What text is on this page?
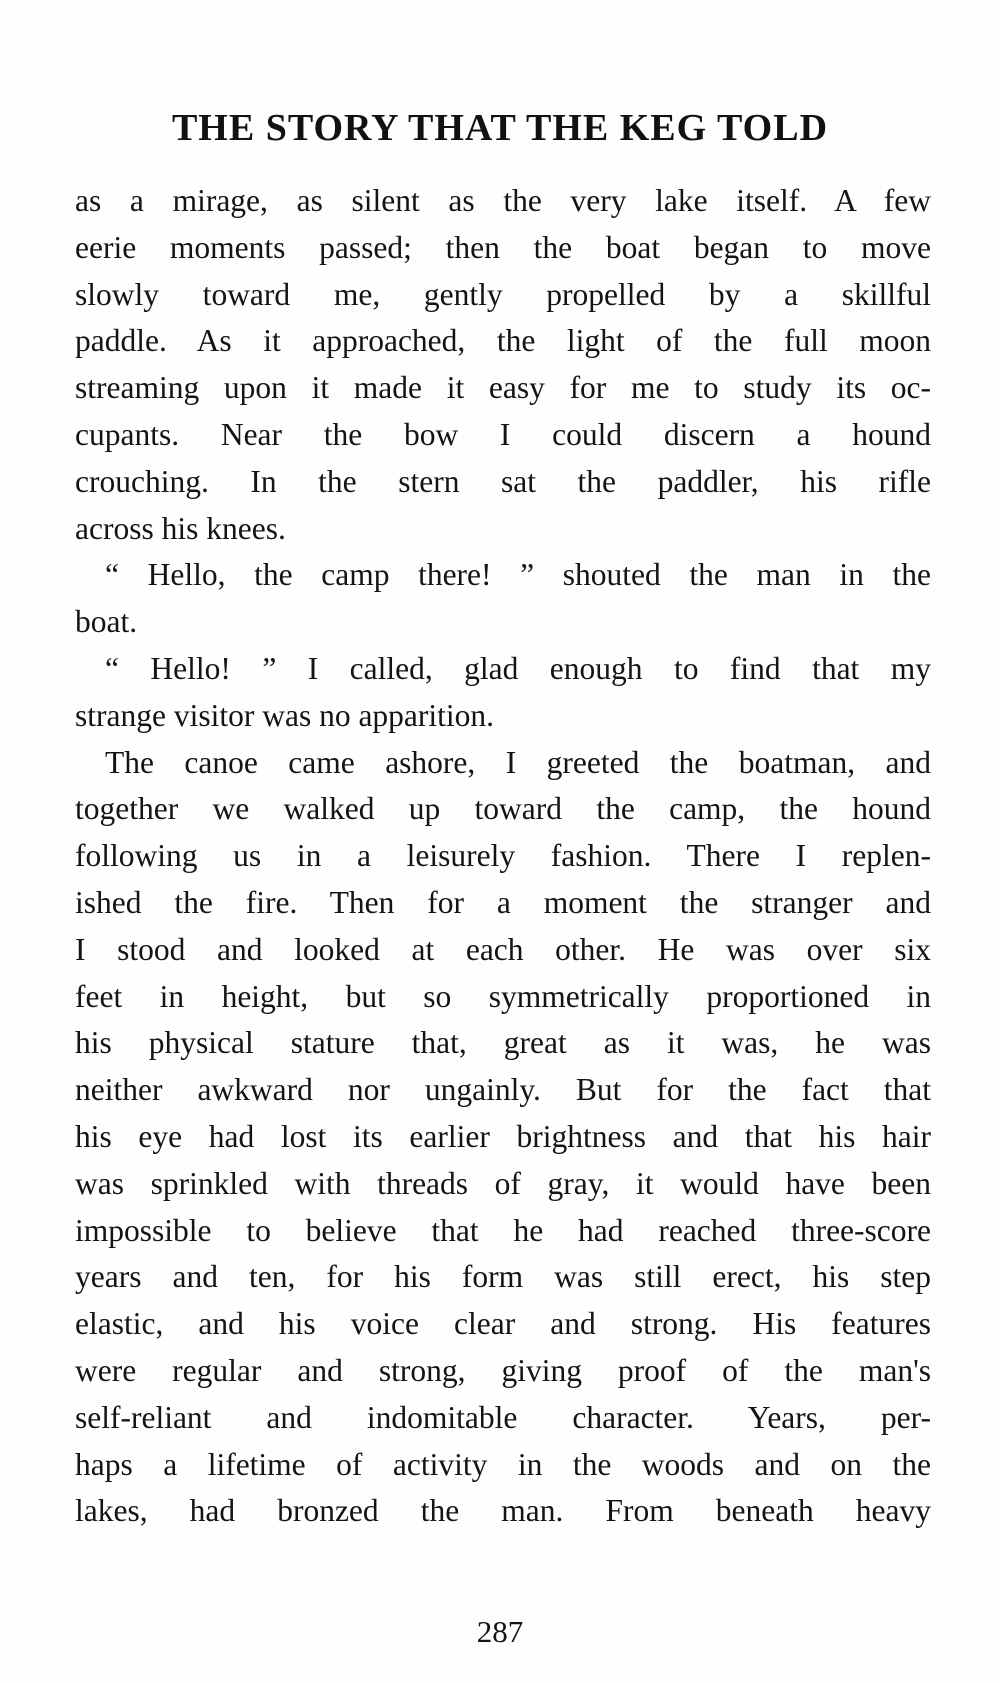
THE STORY THAT THE KEG TOLD
as a mirage, as silent as the very lake itself. A few
eerie moments passed; then the boat began to move
slowly toward me, gently propelled by a skillful
paddle. As it approached, the light of the full moon
streaming upon it made it easy for me to study its oc-
cupants. Near the bow I could discern a hound
crouching. In the stern sat the paddler, his rifle
across his knees.
“ Hello, the camp there! ” shouted the man in the
boat.
“ Hello! ” I called, glad enough to find that my
strange visitor was no apparition.
The canoe came ashore, I greeted the boatman, and
together we walked up toward the camp, the hound
following us in a leisurely fashion. There I replen-
ished the fire. Then for a moment the stranger and
I stood and looked at each other. He was over six
feet in height, but so symmetrically proportioned in
his physical stature that, great as it was, he was
neither awkward nor ungainly. But for the fact that
his eye had lost its earlier brightness and that his hair
was sprinkled with threads of gray, it would have been
impossible to believe that he had reached three-score
years and ten, for his form was still erect, his step
elastic, and his voice clear and strong. His features
were regular and strong, giving proof of the man's
self-reliant and indomitable character. Years, per-
haps a lifetime of activity in the woods and on the
lakes, had bronzed the man. From beneath heavy
287
